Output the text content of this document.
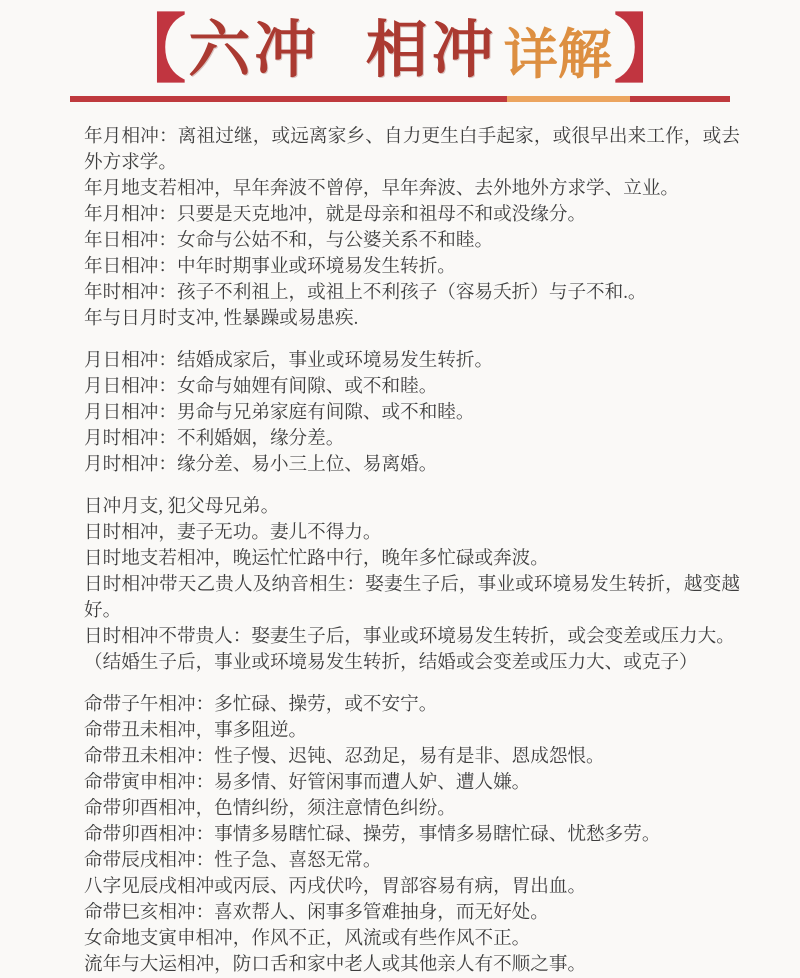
【 六冲 相冲 详解 】

年月相冲：离祖过继，或远离家乡、自力更生白手起家，或很早出来工作，或去外方求学。

年月地支若相冲，早年奔波不曾停，早年奔波、去外地外方求学、立业。

年月相冲：只要是天克地冲，就是母亲和祖母不和或没缘分。

年日相冲：女命与公姑不和，与公婆关系不和睦。

年日相冲：中年时期事业或环境易发生转折。

年时相冲：孩子不利祖上，或祖上不利孩子（容易夭折）与子不和.。

年与日月时支冲, 性暴躁或易患疾.

月日相冲：结婚成家后，事业或环境易发生转折。

月日相冲：女命与妯娌有间隙、或不和睦。

月日相冲：男命与兄弟家庭有间隙、或不和睦。

月时相冲：不利婚姻，缘分差。

月时相冲：缘分差、易小三上位、易离婚。

日冲月支, 犯父母兄弟。

日时相冲，妻子无功。妻儿不得力。

日时地支若相冲，晚运忙忙路中行，晚年多忙碌或奔波。

日时相冲带天乙贵人及纳音相生：娶妻生子后，事业或环境易发生转折，越变越好。

日时相冲不带贵人：娶妻生子后，事业或环境易发生转折，或会变差或压力大。

（结婚生子后，事业或环境易发生转折，结婚或会变差或压力大、或克子）

命带子午相冲：多忙碌、操劳，或不安宁。

命带丑未相冲，事多阻逆。

命带丑未相冲：性子慢、迟钝、忍劲足，易有是非、恩成怨恨。

命带寅申相冲：易多情、好管闲事而遭人妒、遭人嫌。

命带卯酉相冲，色情纠纷，须注意情色纠纷。

命带卯酉相冲：事情多易瞎忙碌、操劳，事情多易瞎忙碌、忧愁多劳。

命带辰戌相冲：性子急、喜怒无常。

八字见辰戌相冲或丙辰、丙戌伏吟，胃部容易有病，胃出血。

命带巳亥相冲：喜欢帮人、闲事多管难抽身，而无好处。

女命地支寅申相冲，作风不正，风流或有些作风不正。

流年与大运相冲，防口舌和家中老人或其他亲人有不顺之事。
